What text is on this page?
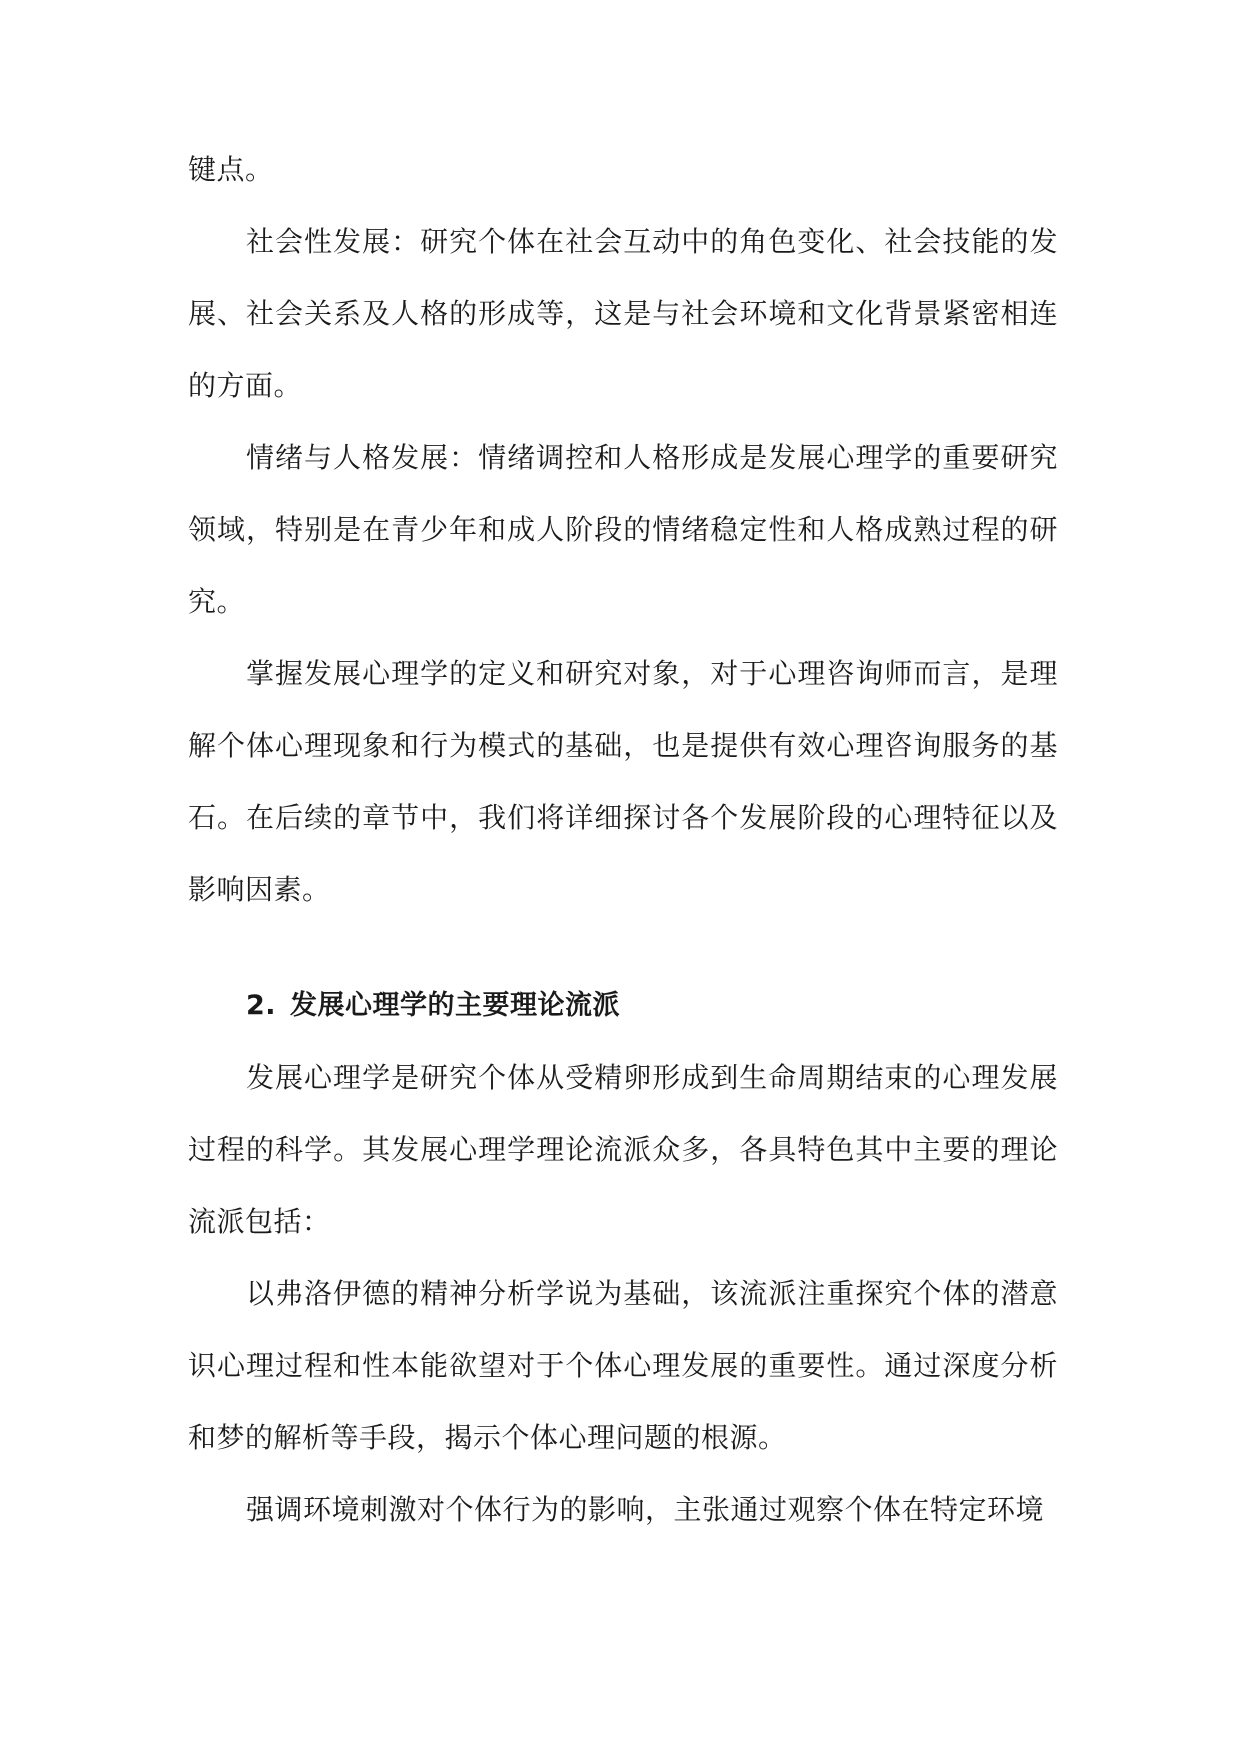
键点。

社会性发展：研究个体在社会互动中的角色变化、社会技能的发展、社会关系及人格的形成等，这是与社会环境和文化背景紧密相连的方面。

情绪与人格发展：情绪调控和人格形成是发展心理学的重要研究领域，特别是在青少年和成人阶段的情绪稳定性和人格成熟过程的研究。

掌握发展心理学的定义和研究对象，对于心理咨询师而言，是理解个体心理现象和行为模式的基础，也是提供有效心理咨询服务的基石。在后续的章节中，我们将详细探讨各个发展阶段的心理特征以及影响因素。

2. 发展心理学的主要理论流派

发展心理学是研究个体从受精卵形成到生命周期结束的心理发展过程的科学。其发展心理学理论流派众多，各具特色其中主要的理论流派包括：

以弗洛伊德的精神分析学说为基础，该流派注重探究个体的潜意识心理过程和性本能欲望对于个体心理发展的重要性。通过深度分析和梦的解析等手段，揭示个体心理问题的根源。

强调环境刺激对个体行为的影响，主张通过观察个体在特定环境
